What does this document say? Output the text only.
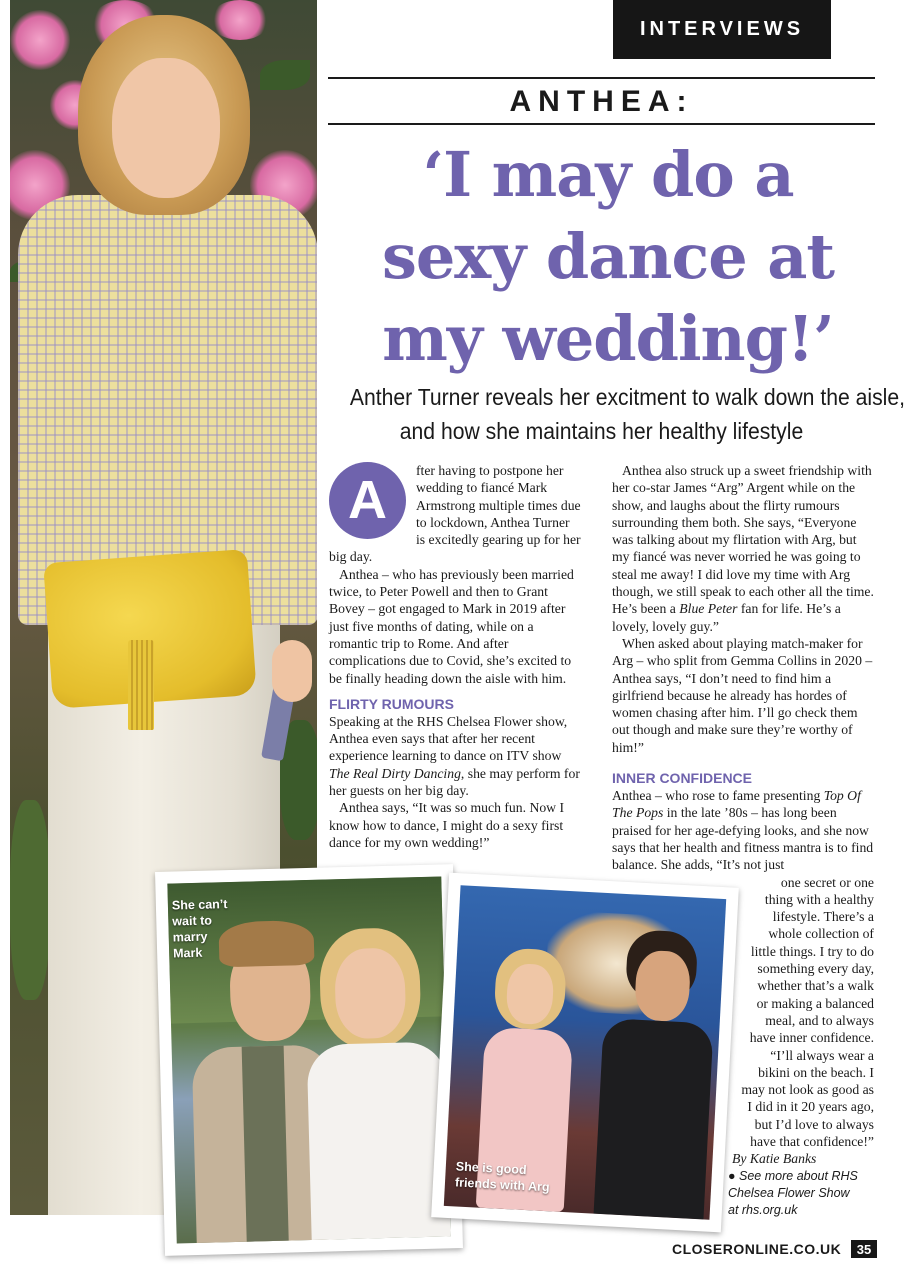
INTERVIEWS
ANTHEA:
‘I may do a
sexy dance at
my wedding!’

Anther Turner reveals her excitment to walk down the aisle,
and how she maintains her healthy lifestyle

A	fter having to postpone her wedding to fiancé Mark Armstrong multiple times due to lockdown, Anthea Turner is excitedly gearing up for her big day.

Anthea – who has previously been married twice, to Peter Powell and then to Grant Bovey – got engaged to Mark in 2019 after just five months of dating, while on a romantic trip to Rome. And after complications due to Covid, she’s excited to be finally heading down the aisle with him.

FLIRTY RUMOURS

Speaking at the RHS Chelsea Flower show, Anthea even says that after her recent experience learning to dance on ITV show The Real Dirty Dancing, she may perform for her guests on her big day.

Anthea says, “It was so much fun. Now I know how to dance, I might do a sexy first dance for my own wedding!”

Anthea also struck up a sweet friendship with her co-star James “Arg” Argent while on the show, and laughs about the flirty rumours surrounding them both. She says, “Everyone was talking about my flirtation with Arg, but my fiancé was never worried he was going to steal me away! I did love my time with Arg though, we still speak to each other all the time. He’s been a Blue Peter fan for life. He’s a lovely, lovely guy.”

When asked about playing match-maker for Arg – who split from Gemma Collins in 2020 – Anthea says, “I don’t need to find him a girlfriend because he already has hordes of women chasing after him. I’ll go check them out though and make sure they’re worthy of him!”

INNER CONFIDENCE

Anthea – who rose to fame presenting Top Of The Pops in the late ’80s – has long been praised for her age-defying looks, and she now says that her health and fitness mantra is to find balance. She adds, “It’s not just

one secret or one
thing with a healthy
lifestyle. There’s a
whole collection of
little things. I try to do
something every day,
whether that’s a walk
or making a balanced
meal, and to always
have inner confidence.
“I’ll always wear a
bikini on the beach. I
may not look as good as
I did in it 20 years ago,
but I’d love to always
have that confidence!”
By Katie Banks
● See more about RHS
Chelsea Flower Show
at rhs.org.uk
She can’t
wait to
marry
Mark
She is good
friends with Arg
CLOSERONLINE.CO.UK	35
